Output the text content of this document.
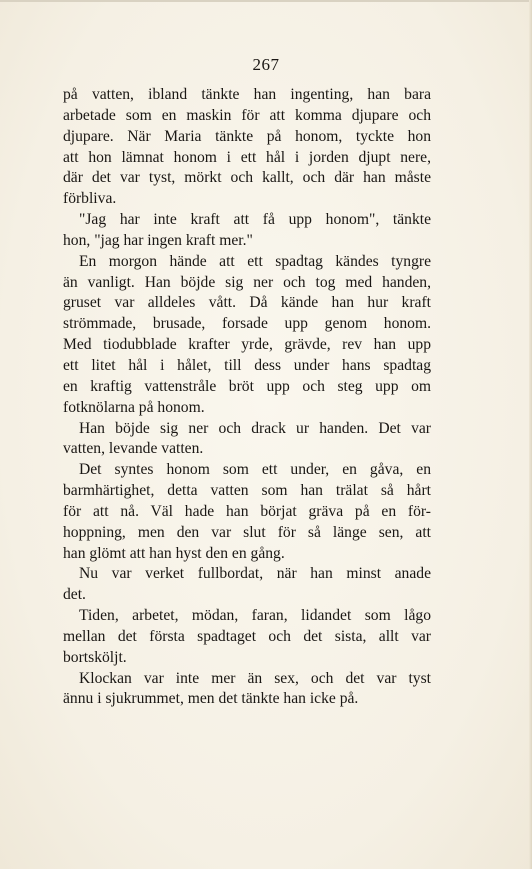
267
på vatten, ibland tänkte han ingenting, han bara
arbetade som en maskin för att komma djupare och
djupare. När Maria tänkte på honom, tyckte hon
att hon lämnat honom i ett hål i jorden djupt nere,
där det var tyst, mörkt och kallt, och där han måste
förbliva.
"Jag har inte kraft att få upp honom", tänkte
hon, "jag har ingen kraft mer."
En morgon hände att ett spadtag kändes tyngre
än vanligt. Han böjde sig ner och tog med handen,
gruset var alldeles vått. Då kände han hur kraft
strömmade, brusade, forsade upp genom honom.
Med tiodubblade krafter yrde, grävde, rev han upp
ett litet hål i hålet, till dess under hans spadtag
en kraftig vattenstråle bröt upp och steg upp om
fotknölarna på honom.
Han böjde sig ner och drack ur handen. Det var
vatten, levande vatten.
Det syntes honom som ett under, en gåva, en
barmhärtighet, detta vatten som han trälat så hårt
för att nå. Väl hade han börjat gräva på en för-
hoppning, men den var slut för så länge sen, att
han glömt att han hyst den en gång.
Nu var verket fullbordat, när han minst anade
det.
Tiden, arbetet, mödan, faran, lidandet som lågo
mellan det första spadtaget och det sista, allt var
bortsköljt.
Klockan var inte mer än sex, och det var tyst
ännu i sjukrummet, men det tänkte han icke på.
